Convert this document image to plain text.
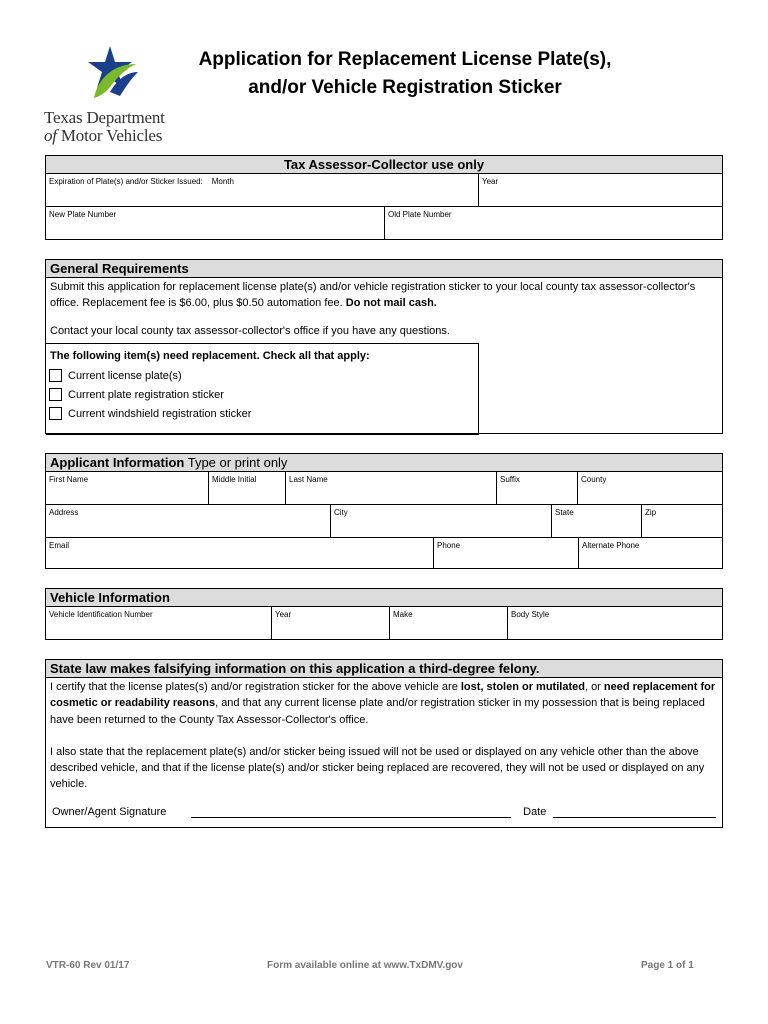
Texas Department
of Motor Vehicles
Application for Replacement License Plate(s),
and/or Vehicle Registration Sticker
Tax Assessor-Collector use only
Expiration of Plate(s) and/or Sticker Issued:    Month	Year
New Plate Number	Old Plate Number
General Requirements
Submit this application for replacement license plate(s) and/or vehicle registration sticker to your local county tax assessor-collector's office. Replacement fee is $6.00, plus $0.50 automation fee. Do not mail cash.
Contact your local county tax assessor-collector's office if you have any questions.
The following item(s) need replacement. Check all that apply:
Current license plate(s)
Current plate registration sticker
Current windshield registration sticker
Applicant Information Type or print only
First Name	Middle Initial	Last Name	Suffix	County
Address	City	State	Zip
Email	Phone	Alternate Phone
Vehicle Information
Vehicle Identification Number	Year	Make	Body Style
State law makes falsifying information on this application a third-degree felony.
I certify that the license plates(s) and/or registration sticker for the above vehicle are lost, stolen or mutilated, or need replacement for cosmetic or readability reasons, and that any current license plate and/or registration sticker in my possession that is being replaced have been returned to the County Tax Assessor-Collector's office.
I also state that the replacement plate(s) and/or sticker being issued will not be used or displayed on any vehicle other than the above described vehicle, and that if the license plate(s) and/or sticker being replaced are recovered, they will not be used or displayed on any vehicle.
Owner/Agent Signature	Date
VTR-60 Rev 01/17	Form available online at www.TxDMV.gov	Page 1 of 1
